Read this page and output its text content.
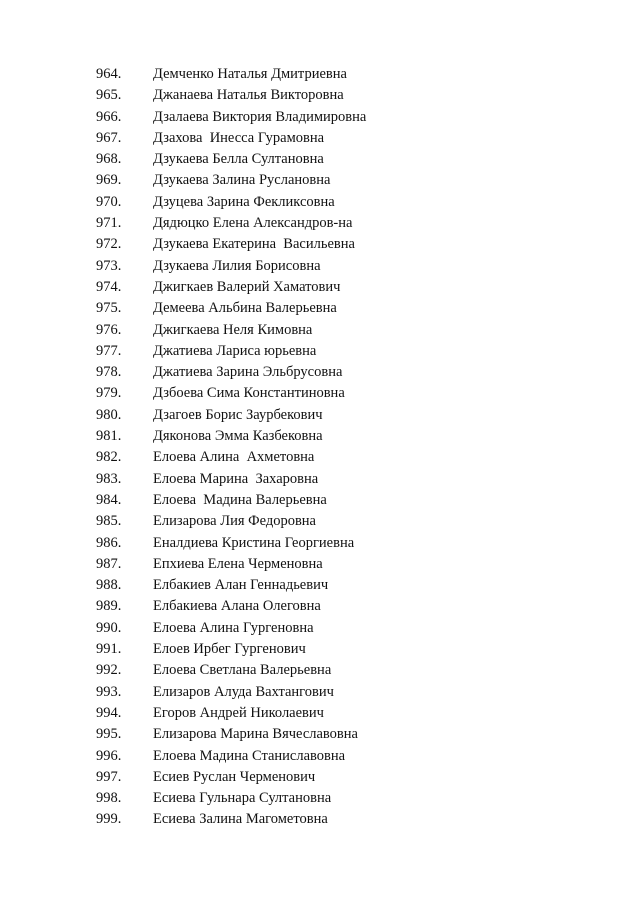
964. Демченко Наталья Дмитриевна
965. Джанаева Наталья Викторовна
966. Дзалаева Виктория Владимировна
967. Дзахова  Инесса Гурамовна
968. Дзукаева Белла Султановна
969. Дзукаева Залина Руслановна
970. Дзуцева Зарина Фекликсовна
971. Дядюцко Елена Александров-на
972. Дзукаева Екатерина  Васильевна
973. Дзукаева Лилия Борисовна
974. Джигкаев Валерий Хаматович
975. Демеева Альбина Валерьевна
976. Джигкаева Неля Кимовна
977. Джатиева Лариса юрьевна
978. Джатиева Зарина Эльбрусовна
979. Дзбоева Сима Константиновна
980. Дзагоев Борис Заурбекович
981. Дяконова Эмма Казбековна
982. Елоева Алина  Ахметовна
983. Елоева Марина  Захаровна
984. Елоева  Мадина Валерьевна
985. Елизарова Лия Федоровна
986. Еналдиева Кристина Георгиевна
987. Епхиева Елена Черменовна
988. Елбакиев Алан Геннадьевич
989. Елбакиева Алана Олеговна
990. Елоева Алина Гургеновна
991. Елоев Ирбег Гургенович
992. Елоева Светлана Валерьевна
993. Елизаров Алуда Вахтангович
994. Егоров Андрей Николаевич
995. Елизарова Марина Вячеславовна
996. Елоева Мадина Станиславовна
997. Есиев Руслан Черменович
998. Есиева Гульнара Султановна
999. Есиева Залина Магометовна
